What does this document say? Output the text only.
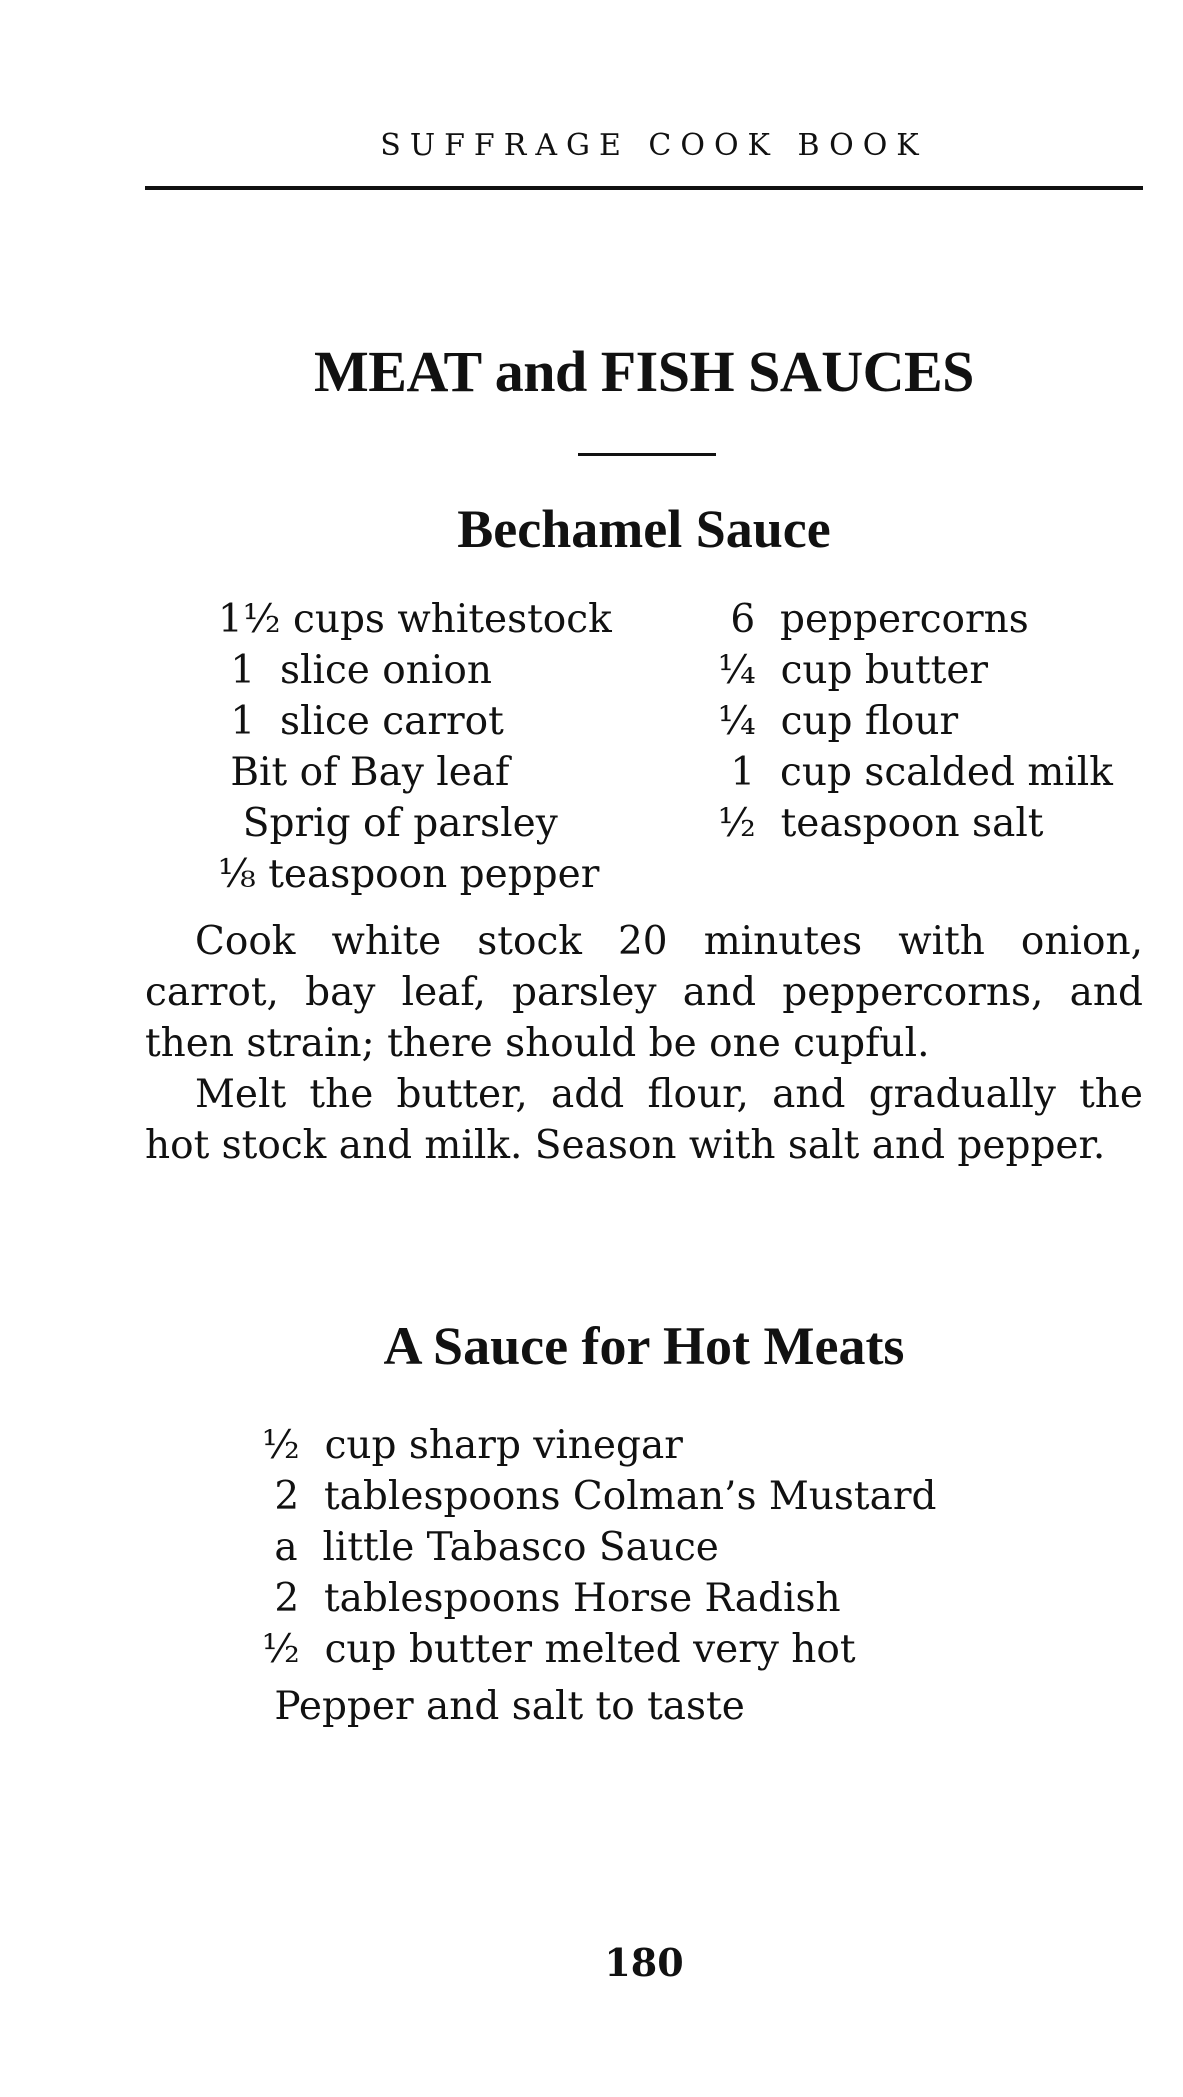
SUFFRAGE COOK BOOK
MEAT and FISH SAUCES
Bechamel Sauce
1½ cups whitestock
1  slice onion
1  slice carrot
Bit of Bay leaf
Sprig of parsley
⅛ teaspoon pepper
6  peppercorns
¼  cup butter
¼  cup flour
1  cup scalded milk
½  teaspoon salt

Cook white stock 20 minutes with onion, carrot, bay leaf, parsley and peppercorns, and then strain; there should be one cupful.

Melt the butter, add flour, and gradually the hot stock and milk. Season with salt and pepper.

A Sauce for Hot Meats
½  cup sharp vinegar
2  tablespoons Colman’s Mustard
a  little Tabasco Sauce
2  tablespoons Horse Radish
½  cup butter melted very hot
Pepper and salt to taste
180
